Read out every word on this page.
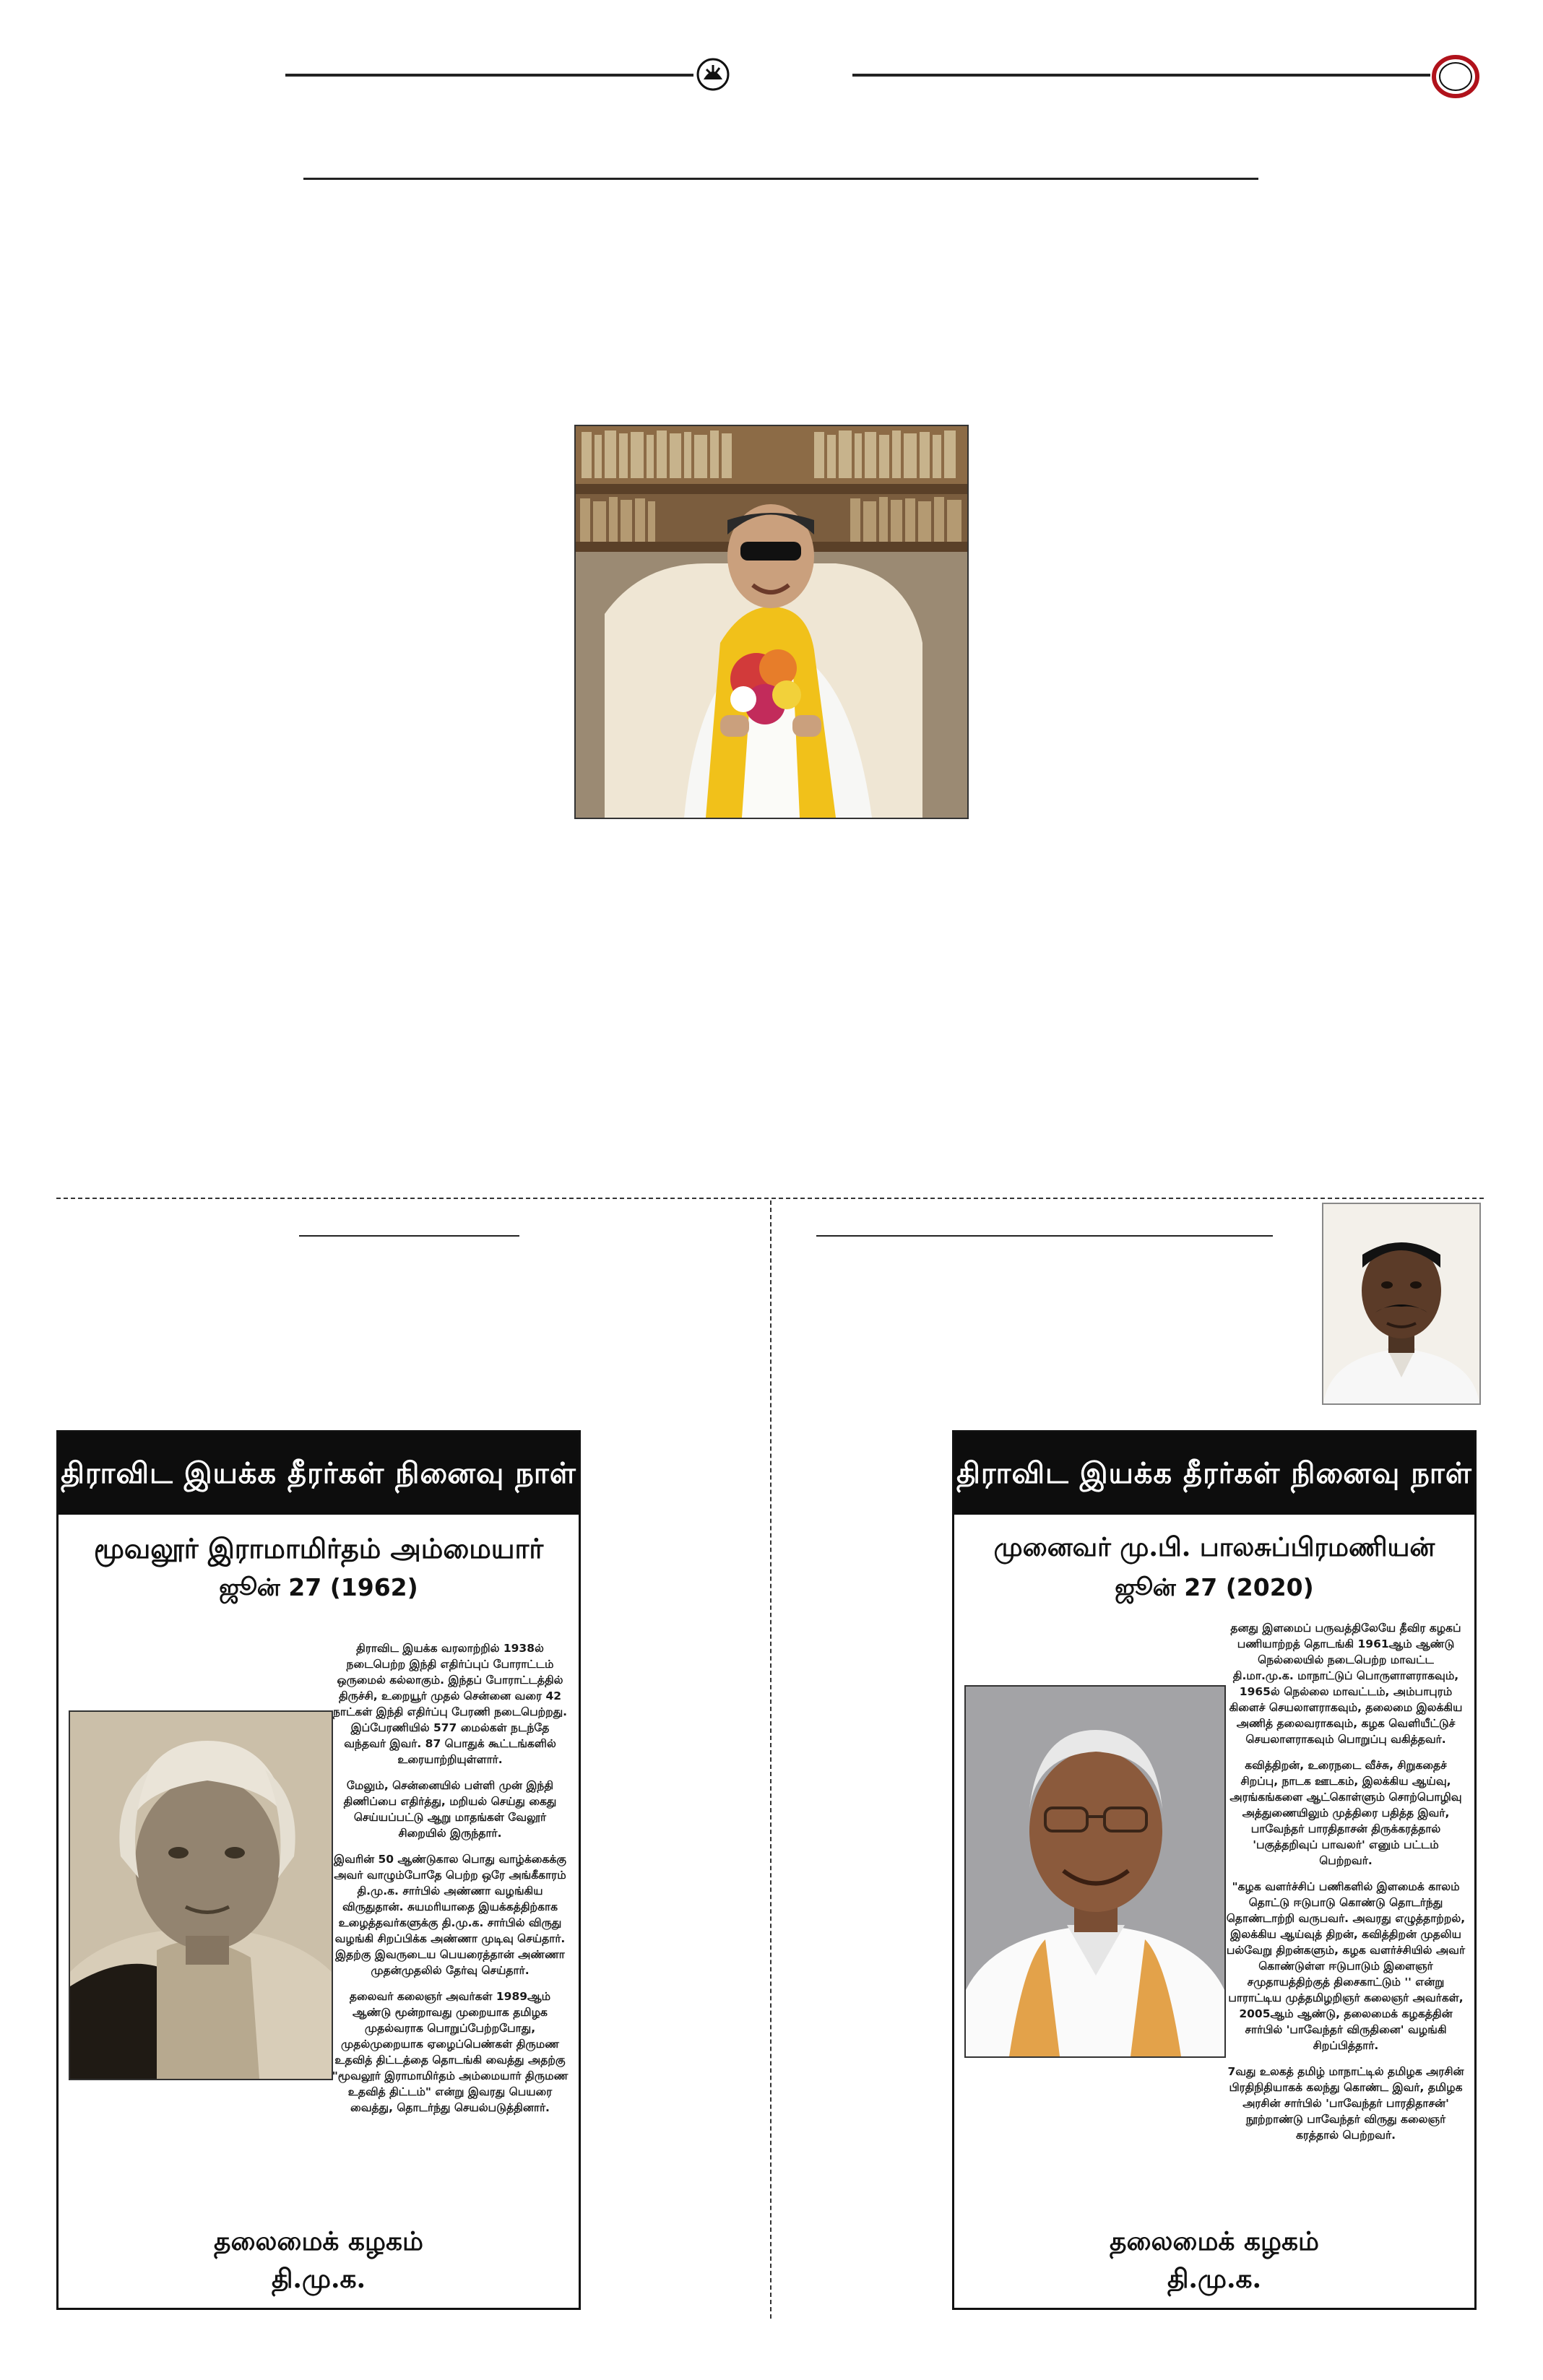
திராவிட இயக்க தீரர்கள் நினைவு நாள்
மூவலூர் இராமாமிர்தம் அம்மையார்
ஜூன் 27 (1962)

திராவிட இயக்க வரலாற்றில் 1938ல் நடைபெற்ற இந்தி எதிர்ப்புப் போராட்டம் ஒருமைல் கல்லாகும். இந்தப் போராட்டத்தில் திருச்சி, உறையூர் முதல் சென்னை வரை 42 நாட்கள் இந்தி எதிர்ப்பு பேரணி நடைபெற்றது. இப்பேரணியில் 577 மைல்கள் நடந்தே வந்தவர் இவர். 87 பொதுக் கூட்டங்களில் உரையாற்றியுள்ளார்.

மேலும், சென்னையில் பள்ளி முன் இந்தி திணிப்பை எதிர்த்து, மறியல் செய்து கைது செய்யப்பட்டு ஆறு மாதங்கள் வேலூர் சிறையில் இருந்தார்.

இவரின் 50 ஆண்டுகால பொது வாழ்க்கைக்கு அவர் வாழும்போதே பெற்ற ஒரே அங்கீகாரம் தி.மு.க. சார்பில் அண்ணா வழங்கிய விருதுதான். சுயமரியாதை இயக்கத்திற்காக உழைத்தவர்களுக்கு தி.மு.க. சார்பில் விருது வழங்கி சிறப்பிக்க அண்ணா முடிவு செய்தார். இதற்கு இவருடைய பெயரைத்தான் அண்ணா முதன்முதலில் தேர்வு செய்தார்.

தலைவர் கலைஞர் அவர்கள் 1989ஆம் ஆண்டு மூன்றாவது முறையாக தமிழக முதல்வராக பொறுப்பேற்றபோது, முதல்முறையாக ஏழைப்பெண்கள் திருமண உதவித் திட்டத்தை தொடங்கி வைத்து அதற்கு "மூவலூர் இராமாமிர்தம் அம்மையார் திருமண உதவித் திட்டம்" என்று இவரது பெயரை வைத்து, தொடர்ந்து செயல்படுத்தினார்.

தலைமைக் கழகம்
தி.மு.க.
திராவிட இயக்க தீரர்கள் நினைவு நாள்
முனைவர் மு.பி. பாலசுப்பிரமணியன்
ஜூன் 27 (2020)

தனது இளமைப் பருவத்திலேயே தீவிர கழகப் பணியாற்றத் தொடங்கி 1961ஆம் ஆண்டு நெல்லையில் நடைபெற்ற மாவட்ட தி.மா.மு.க. மாநாட்டுப் பொருளாளராகவும், 1965ல் நெல்லை மாவட்டம், அம்பாபுரம் கிளைச் செயலாளராகவும், தலைமை இலக்கிய அணித் தலைவராகவும், கழக வெளியீட்டுச் செயலாளராகவும் பொறுப்பு வகித்தவர்.

கவித்திறன், உரைநடை வீச்சு, சிறுகதைச் சிறப்பு, நாடக ஊடகம், இலக்கிய ஆய்வு, அரங்கங்களை ஆட்கொள்ளும் சொற்பொழிவு அத்துணையிலும் முத்திரை பதித்த இவர், பாவேந்தர் பாரதிதாசன் திருக்கரத்தால் 'பகுத்தறிவுப் பாவலர்' எனும் பட்டம் பெற்றவர்.

"கழக வளர்ச்சிப் பணிகளில் இளமைக் காலம் தொட்டு ஈடுபாடு கொண்டு தொடர்ந்து தொண்டாற்றி வருபவர். அவரது எழுத்தாற்றல், இலக்கிய ஆய்வுத் திறன், கவித்திறன் முதலிய பல்வேறு திறன்களும், கழக வளர்ச்சியில் அவர் கொண்டுள்ள ஈடுபாடும் இளைஞர் சமுதாயத்திற்குத் திசைகாட்டும் '' என்று பாராட்டிய முத்தமிழறிஞர் கலைஞர் அவர்கள், 2005ஆம் ஆண்டு, தலைமைக் கழகத்தின் சார்பில் 'பாவேந்தர் விருதினை' வழங்கி சிறப்பித்தார்.

7வது உலகத் தமிழ் மாநாட்டில் தமிழக அரசின் பிரதிநிதியாகக் கலந்து கொண்ட இவர், தமிழக அரசின் சார்பில் 'பாவேந்தர் பாரதிதாசன்' நூற்றாண்டு பாவேந்தர் விருது கலைஞர் கரத்தால் பெற்றவர்.

தலைமைக் கழகம்
தி.மு.க.
